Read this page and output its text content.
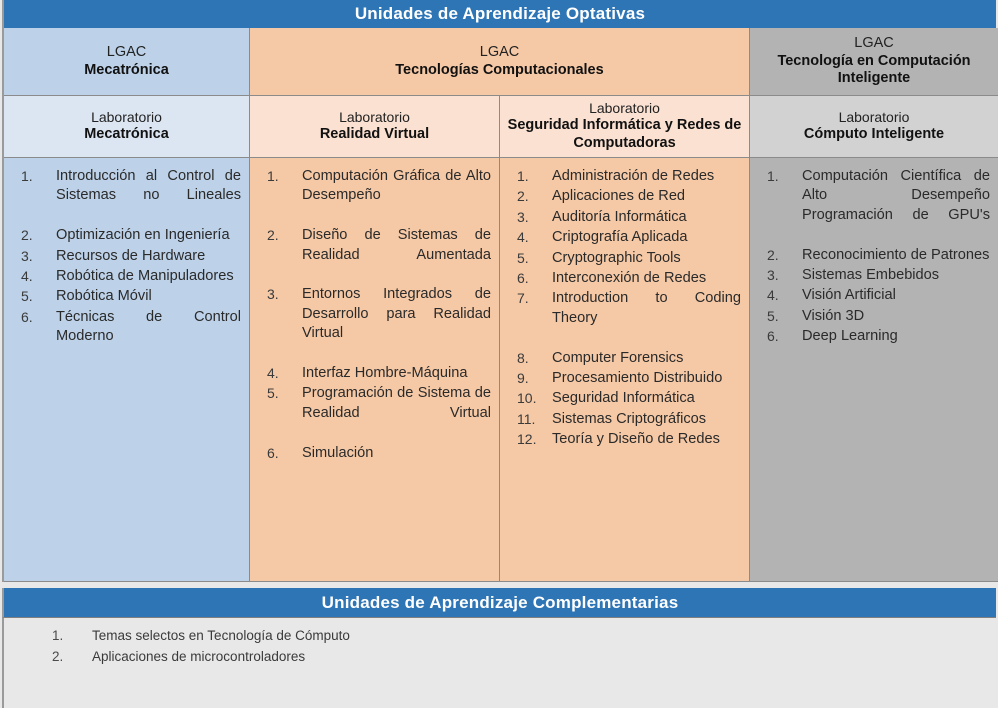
Unidades de Aprendizaje Optativas
LGAC
Mecatrónica
LGAC
Tecnologías Computacionales
LGAC
Tecnología en Computación Inteligente
Laboratorio
Mecatrónica
Laboratorio
Realidad Virtual
Laboratorio
Seguridad Informática y Redes de Computadoras
Laboratorio
Cómputo Inteligente
Introducción al Control de Sistemas no Lineales
Optimización en Ingeniería
Recursos de Hardware
Robótica de Manipuladores
Robótica Móvil
Técnicas de Control Moderno
Computación Gráfica de Alto Desempeño
Diseño de Sistemas de Realidad Aumentada
Entornos Integrados de Desarrollo para Realidad Virtual
Interfaz Hombre-Máquina
Programación de Sistema de Realidad Virtual
Simulación
Administración de Redes
Aplicaciones de Red
Auditoría Informática
Criptografía Aplicada
Cryptographic Tools
Interconexión de Redes
Introduction to Coding Theory
Computer Forensics
Procesamiento Distribuido
Seguridad Informática
Sistemas Criptográficos
Teoría y Diseño de Redes
Computación Científica de Alto Desempeño Programación de GPU's
Reconocimiento de Patrones
Sistemas Embebidos
Visión Artificial
Visión 3D
Deep Learning
Unidades de Aprendizaje Complementarias
Temas selectos en Tecnología de Cómputo
Aplicaciones de microcontroladores
